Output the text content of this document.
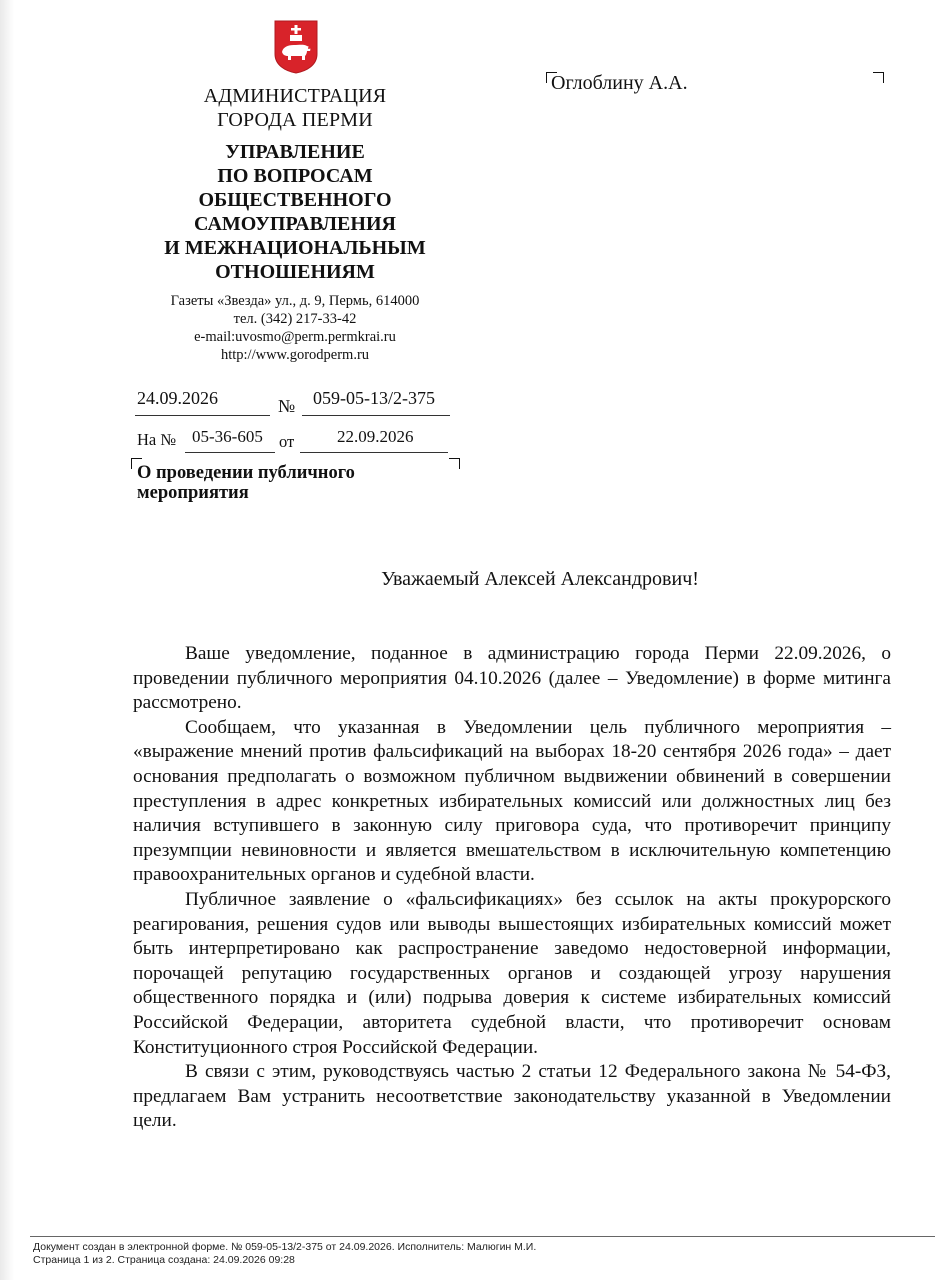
АДМИНИСТРАЦИЯ
ГОРОДА ПЕРМИ
УПРАВЛЕНИЕ
ПО ВОПРОСАМ
ОБЩЕСТВЕННОГО
САМОУПРАВЛЕНИЯ
И МЕЖНАЦИОНАЛЬНЫМ
ОТНОШЕНИЯМ
Газеты «Звезда» ул., д. 9, Пермь, 614000
тел. (342) 217-33-42
e-mail:uvosmo@perm.permkrai.ru
http://www.gorodperm.ru
Оглоблину А.А.
24.09.2026	№ 059-05-13/2-375
На № 05-36-605 от	22.09.2026
О проведении публичного
мероприятия
Уважаемый Алексей Александрович!

Ваше уведомление, поданное в администрацию города Перми 22.09.2026, о проведении публичного мероприятия 04.10.2026 (далее – Уведомление) в форме митинга рассмотрено.

Сообщаем, что указанная в Уведомлении цель публичного мероприятия – «выражение мнений против фальсификаций на выборах 18-20 сентября 2026 года» – дает основания предполагать о возможном публичном выдвижении обвинений в совершении преступления в адрес конкретных избирательных комиссий или должностных лиц без наличия вступившего в законную силу приговора суда, что противоречит принципу презумпции невиновности и является вмешательством в исключительную компетенцию правоохранительных органов и судебной власти.

Публичное заявление о «фальсификациях» без ссылок на акты прокурорского реагирования, решения судов или выводы вышестоящих избирательных комиссий может быть интерпретировано как распространение заведомо недостоверной информации, порочащей репутацию государственных органов и создающей угрозу нарушения общественного порядка и (или) подрыва доверия к системе избирательных комиссий Российской Федерации, авторитета судебной власти, что противоречит основам Конституционного строя Российской Федерации.

В связи с этим, руководствуясь частью 2 статьи 12 Федерального закона № 54-ФЗ, предлагаем Вам устранить несоответствие законодательству указанной в Уведомлении цели.

Документ создан в электронной форме. № 059-05-13/2-375 от 24.09.2026. Исполнитель: Малюгин М.И.
Страница 1 из 2. Страница создана: 24.09.2026 09:28
